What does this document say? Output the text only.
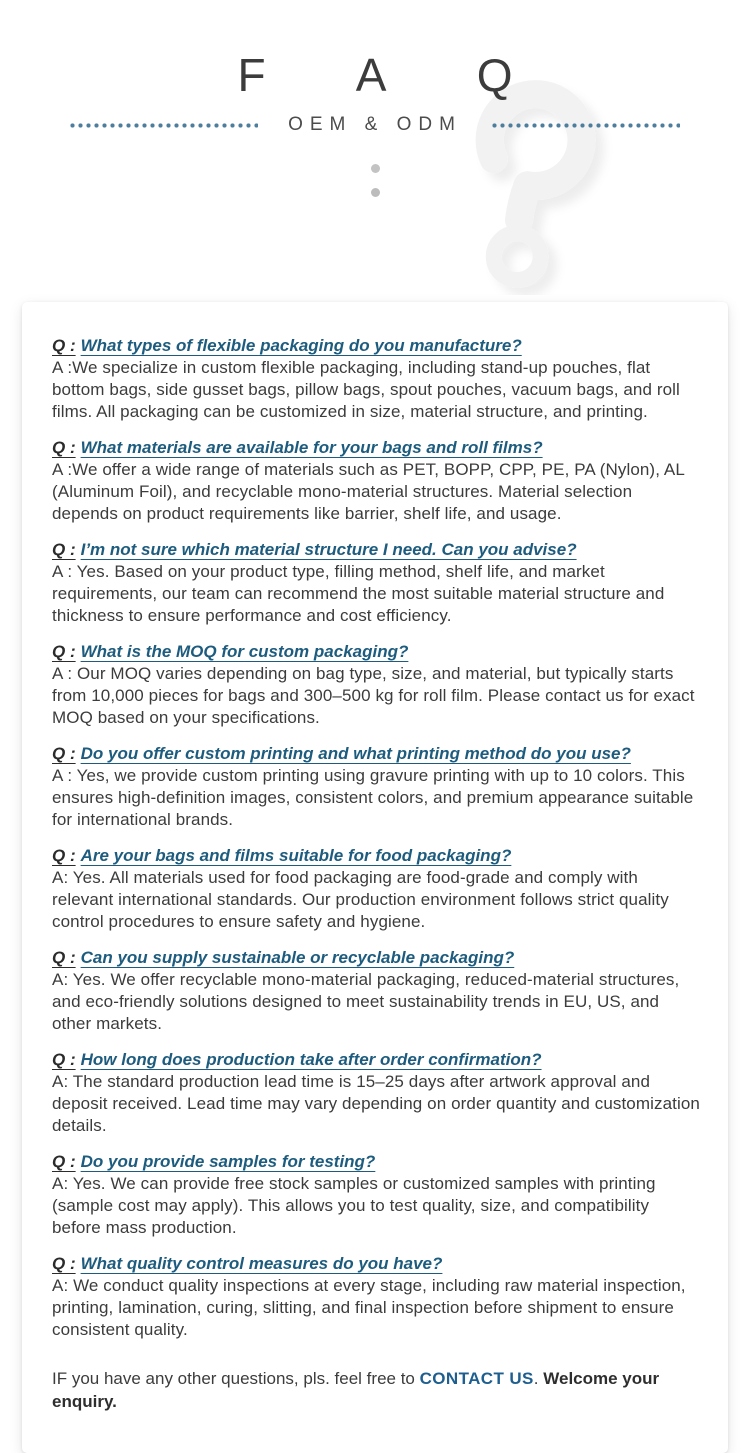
F A Q
OEM & ODM
Q : What types of flexible packaging do you manufacture?
A :We specialize in custom flexible packaging, including stand-up pouches, flat bottom bags, side gusset bags, pillow bags, spout pouches, vacuum bags, and roll films. All packaging can be customized in size, material structure, and printing.
Q : What materials are available for your bags and roll films?
A :We offer a wide range of materials such as PET, BOPP, CPP, PE, PA (Nylon), AL (Aluminum Foil), and recyclable mono-material structures. Material selection depends on product requirements like barrier, shelf life, and usage.
Q : I’m not sure which material structure I need. Can you advise?
A : Yes. Based on your product type, filling method, shelf life, and market requirements, our team can recommend the most suitable material structure and thickness to ensure performance and cost efficiency.
Q : What is the MOQ for custom packaging?
A : Our MOQ varies depending on bag type, size, and material, but typically starts from 10,000 pieces for bags and 300–500 kg for roll film. Please contact us for exact MOQ based on your specifications.
Q : Do you offer custom printing and what printing method do you use?
A : Yes, we provide custom printing using gravure printing with up to 10 colors. This ensures high-definition images, consistent colors, and premium appearance suitable for international brands.
Q : Are your bags and films suitable for food packaging?
A: Yes. All materials used for food packaging are food-grade and comply with relevant international standards. Our production environment follows strict quality control procedures to ensure safety and hygiene.
Q : Can you supply sustainable or recyclable packaging?
A: Yes. We offer recyclable mono-material packaging, reduced-material structures, and eco-friendly solutions designed to meet sustainability trends in EU, US, and other markets.
Q : How long does production take after order confirmation?
A: The standard production lead time is 15–25 days after artwork approval and deposit received. Lead time may vary depending on order quantity and customization details.
Q : Do you provide samples for testing?
A: Yes. We can provide free stock samples or customized samples with printing (sample cost may apply). This allows you to test quality, size, and compatibility before mass production.
Q : What quality control measures do you have?
A: We conduct quality inspections at every stage, including raw material inspection, printing, lamination, curing, slitting, and final inspection before shipment to ensure consistent quality.

IF you have any other questions, pls. feel free to CONTACT US. Welcome your enquiry.
